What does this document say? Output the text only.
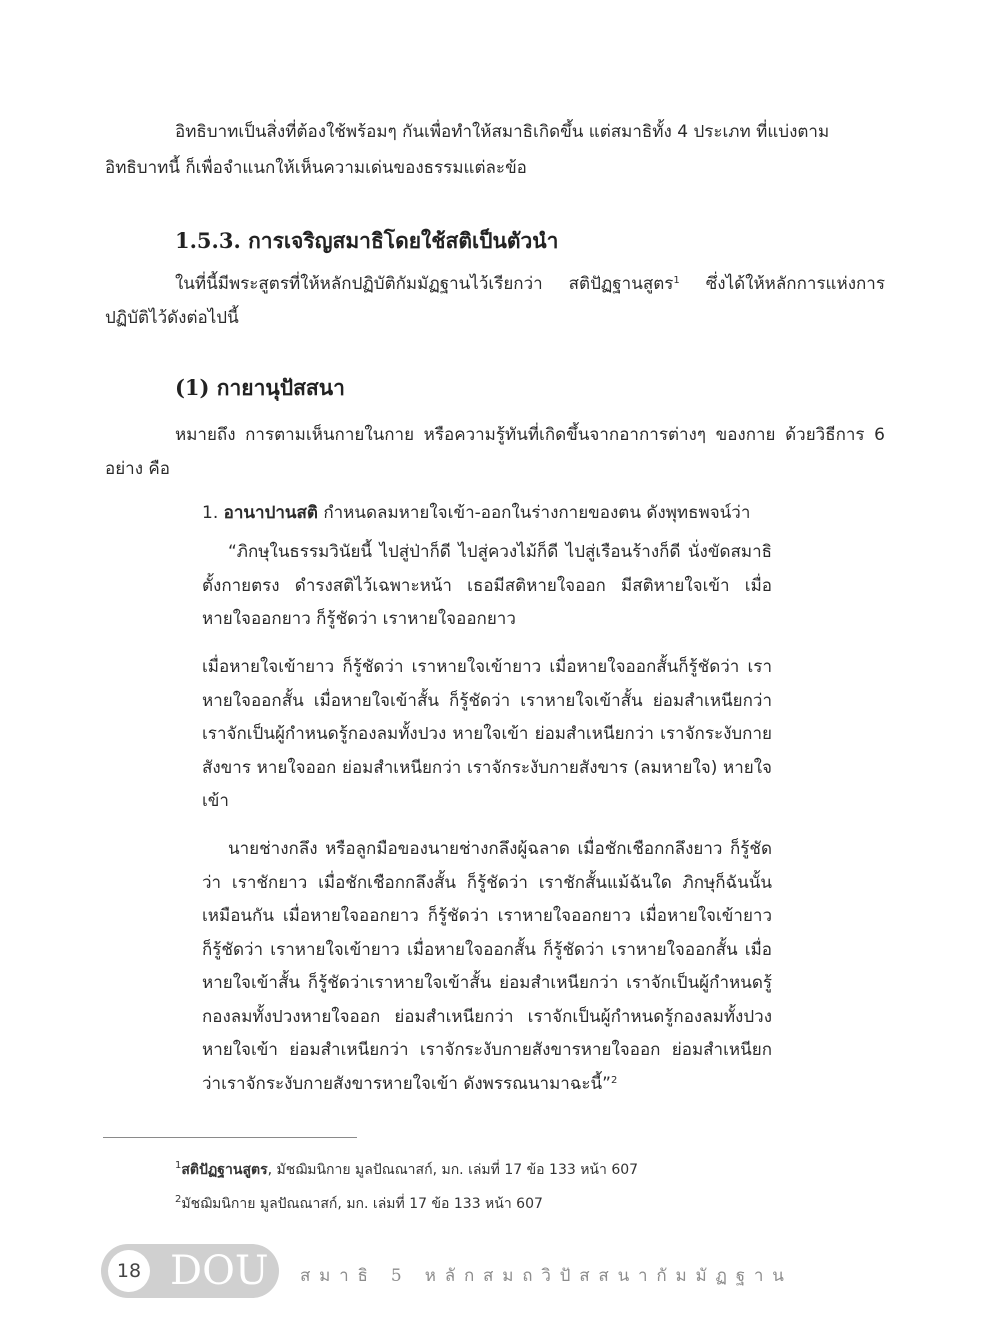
อิทธิบาทเป็นสิ่งที่ต้องใช้พร้อมๆ กันเพื่อทำให้สมาธิเกิดขึ้น แต่สมาธิทั้ง 4 ประเภท ที่แบ่งตาม

อิทธิบาทนี้ ก็เพื่อจำแนกให้เห็นความเด่นของธรรมแต่ละข้อ

1.5.3. การเจริญสมาธิโดยใช้สติเป็นตัวนำ

ในที่นี้มีพระสูตรที่ให้หลักปฏิบัติกัมมัฏฐานไว้เรียกว่า สติปัฏฐานสูตร$^1$ ซึ่งได้ให้หลักการแห่งการปฏิบัติไว้ดังต่อไปนี้

(1) กายานุปัสสนา

หมายถึง การตามเห็นกายในกาย หรือความรู้ทันที่เกิดขึ้นจากอาการต่างๆ ของกาย ด้วยวิธีการ 6 อย่าง คือ

1. อานาปานสติ กำหนดลมหายใจเข้า-ออกในร่างกายของตน ดังพุทธพจน์ว่า

“ภิกษุในธรรมวินัยนี้ ไปสู่ป่าก็ดี ไปสู่ควงไม้ก็ดี ไปสู่เรือนร้างก็ดี นั่งขัดสมาธิ ตั้งกายตรง ดำรงสติไว้เฉพาะหน้า เธอมีสติหายใจออก มีสติหายใจเข้า เมื่อหายใจออกยาว ก็รู้ชัดว่า เราหายใจออกยาว

เมื่อหายใจเข้ายาว ก็รู้ชัดว่า เราหายใจเข้ายาว เมื่อหายใจออกสั้นก็รู้ชัดว่า เราหายใจออกสั้น เมื่อหายใจเข้าสั้น ก็รู้ชัดว่า เราหายใจเข้าสั้น ย่อมสำเหนียกว่า เราจักเป็นผู้กำหนดรู้กองลมทั้งปวง หายใจเข้า ย่อมสำเหนียกว่า เราจักระงับกายสังขาร หายใจออก ย่อมสำเหนียกว่า เราจักระงับกายสังขาร (ลมหายใจ) หายใจเข้า

นายช่างกลึง หรือลูกมือของนายช่างกลึงผู้ฉลาด เมื่อชักเชือกกลึงยาว ก็รู้ชัดว่า เราชักยาว เมื่อชักเชือกกลึงสั้น ก็รู้ชัดว่า เราชักสั้นแม้ฉันใด ภิกษุก็ฉันนั้นเหมือนกัน เมื่อหายใจออกยาว ก็รู้ชัดว่า เราหายใจออกยาว เมื่อหายใจเข้ายาว ก็รู้ชัดว่า เราหายใจเข้ายาว เมื่อหายใจออกสั้น ก็รู้ชัดว่า เราหายใจออกสั้น เมื่อหายใจเข้าสั้น ก็รู้ชัดว่าเราหายใจเข้าสั้น ย่อมสำเหนียกว่า เราจักเป็นผู้กำหนดรู้กองลมทั้งปวงหายใจออก ย่อมสำเหนียกว่า เราจักเป็นผู้กำหนดรู้กองลมทั้งปวงหายใจเข้า ย่อมสำเหนียกว่า เราจักระงับกายสังขารหายใจออก ย่อมสำเหนียกว่าเราจักระงับกายสังขารหายใจเข้า ดังพรรณนามาฉะนี้”$^2$

$^1$สติปัฏฐานสูตร, มัชฌิมนิกาย มูลปัณณาสก์, มก. เล่มที่ 17 ข้อ 133 หน้า 607

$^2$มัชฌิมนิกาย มูลปัณณาสก์, มก. เล่มที่ 17 ข้อ 133 หน้า 607

18 DOU สมาธิ 5 หลักสมถวิปัสสนากัมมัฏฐาน
